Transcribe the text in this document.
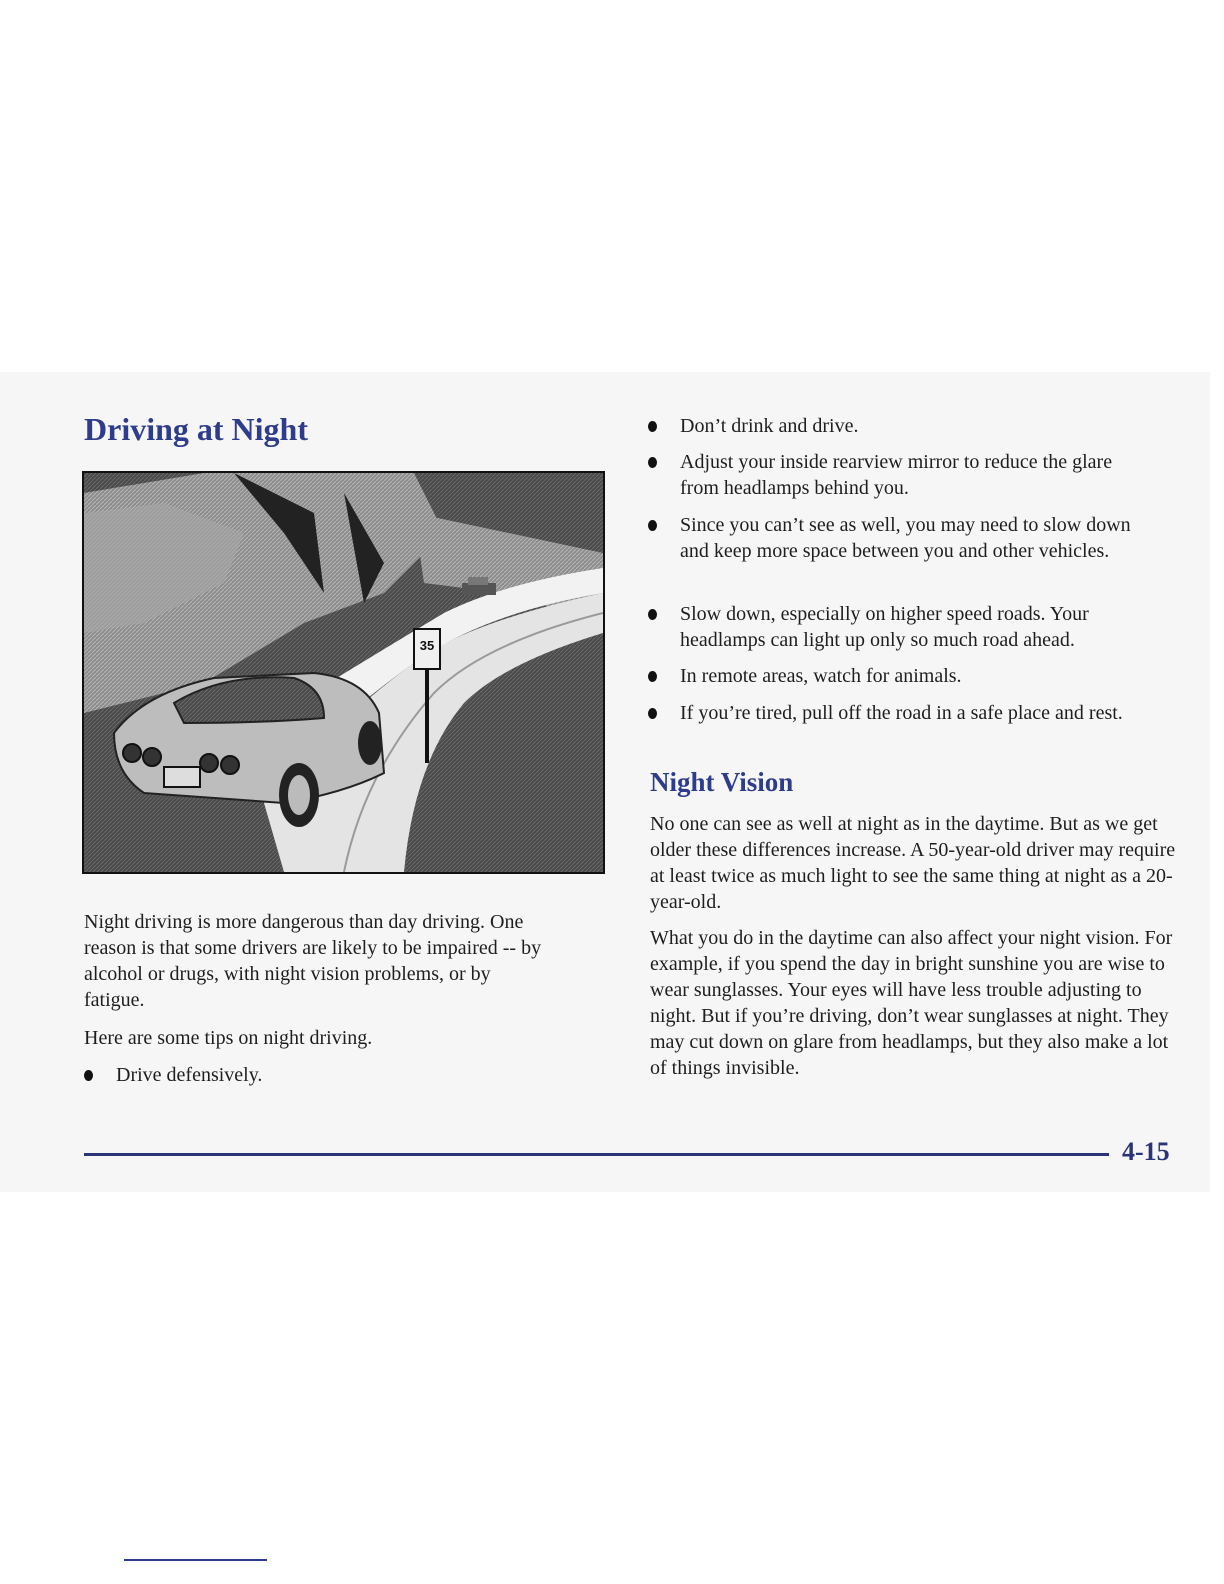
Driving at Night
35

Night driving is more dangerous than day driving. One reason is that some drivers are likely to be impaired -- by alcohol or drugs, with night vision problems, or by fatigue.

Here are some tips on night driving.

Drive defensively.
Don’t drink and drive.
Adjust your inside rearview mirror to reduce the glare from headlamps behind you.
Since you can’t see as well, you may need to slow down and keep more space between you and other vehicles.
Slow down, especially on higher speed roads. Your headlamps can light up only so much road ahead.
In remote areas, watch for animals.
If you’re tired, pull off the road in a safe place and rest.
Night Vision

No one can see as well at night as in the daytime. But as we get older these differences increase. A 50-year-old driver may require at least twice as much light to see the same thing at night as a 20-year-old.

What you do in the daytime can also affect your night vision. For example, if you spend the day in bright sunshine you are wise to wear sunglasses. Your eyes will have less trouble adjusting to night. But if you’re driving, don’t wear sunglasses at night. They may cut down on glare from headlamps, but they also make a lot of things invisible.

4-15
